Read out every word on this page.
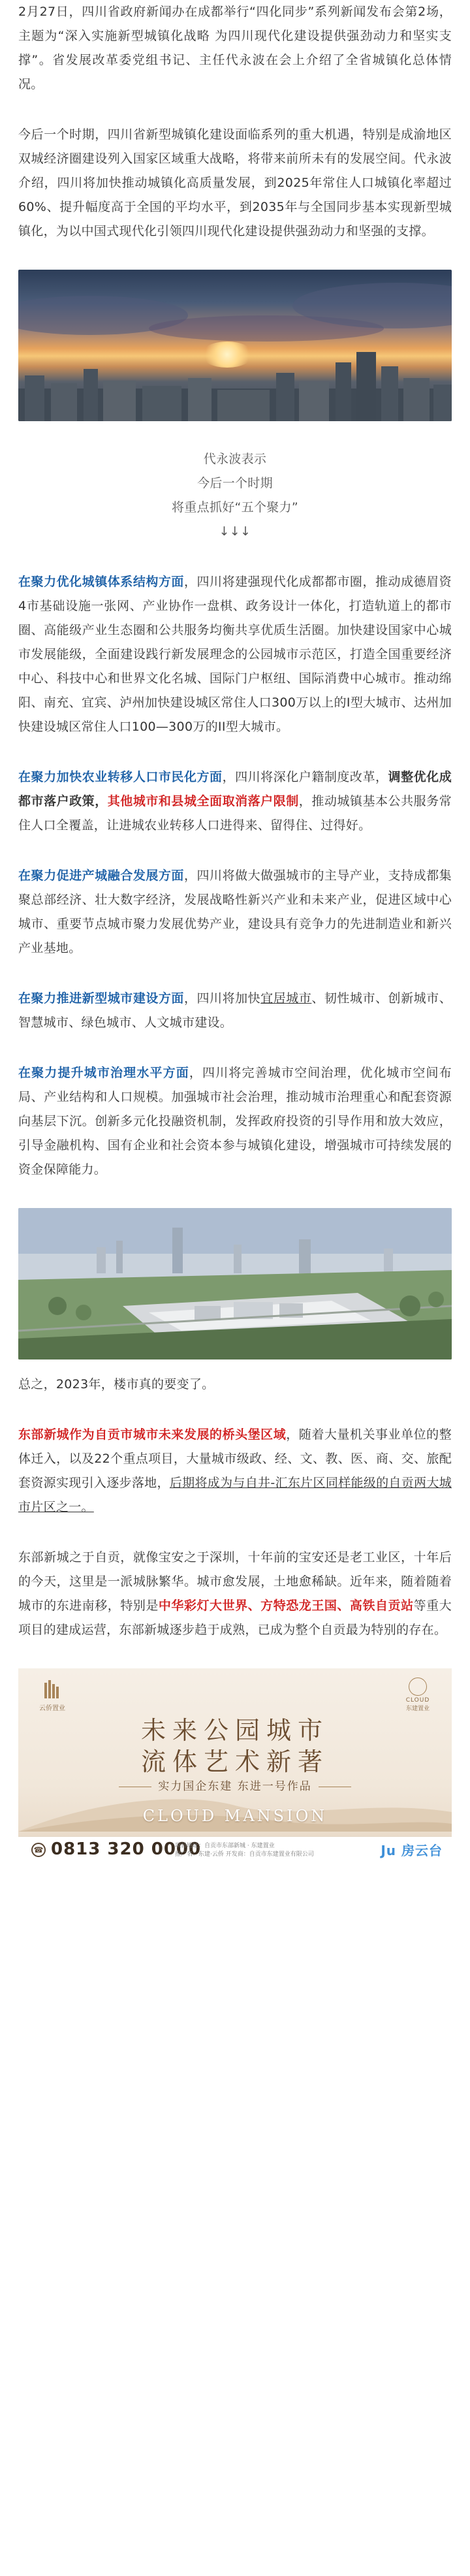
2月27日，四川省政府新闻办在成都举行“四化同步”系列新闻发布会第2场，主题为“深入实施新型城镇化战略 为四川现代化建设提供强劲动力和坚实支撑”。省发展改革委党组书记、主任代永波在会上介绍了全省城镇化总体情况。

今后一个时期，四川省新型城镇化建设面临系列的重大机遇，特别是成渝地区双城经济圈建设列入国家区域重大战略，将带来前所未有的发展空间。代永波介绍，四川将加快推动城镇化高质量发展，到2025年常住人口城镇化率超过60%、提升幅度高于全国的平均水平，到2035年与全国同步基本实现新型城镇化，为以中国式现代化引领四川现代化建设提供强劲动力和坚强的支撑。

代永波表示

今后一个时期

将重点抓好“五个聚力”

↓↓↓

在聚力优化城镇体系结构方面，四川将建强现代化成都都市圈，推动成德眉资4市基础设施一张网、产业协作一盘棋、政务设计一体化，打造轨道上的都市圈、高能级产业生态圈和公共服务均衡共享优质生活圈。加快建设国家中心城市发展能级，全面建设践行新发展理念的公园城市示范区，打造全国重要经济中心、科技中心和世界文化名城、国际门户枢纽、国际消费中心城市。推动绵阳、南充、宜宾、泸州加快建设城区常住人口300万以上的I型大城市、达州加快建设城区常住人口100—300万的II型大城市。

在聚力加快农业转移人口市民化方面，四川将深化户籍制度改革，调整优化成都市落户政策，其他城市和县城全面取消落户限制，推动城镇基本公共服务常住人口全覆盖，让进城农业转移人口进得来、留得住、过得好。

在聚力促进产城融合发展方面，四川将做大做强城市的主导产业，支持成都集聚总部经济、壮大数字经济，发展战略性新兴产业和未来产业，促进区域中心城市、重要节点城市聚力发展优势产业，建设具有竞争力的先进制造业和新兴产业基地。

在聚力推进新型城市建设方面，四川将加快宜居城市、韧性城市、创新城市、智慧城市、绿色城市、人文城市建设。

在聚力提升城市治理水平方面，四川将完善城市空间治理，优化城市空间布局、产业结构和人口规模。加强城市社会治理，推动城市治理重心和配套资源向基层下沉。创新多元化投融资机制，发挥政府投资的引导作用和放大效应，引导金融机构、国有企业和社会资本参与城镇化建设，增强城市可持续发展的资金保障能力。

总之，2023年，楼市真的要变了。

东部新城作为自贡市城市未来发展的桥头堡区域，随着大量机关事业单位的整体迁入，以及22个重点项目，大量城市级政、经、文、教、医、商、交、旅配套资源实现引入逐步落地，后期将成为与自井-汇东片区同样能级的自贡两大城市片区之一。

东部新城之于自贡，就像宝安之于深圳，十年前的宝安还是老工业区，十年后的今天，这里是一派城脉繁华。城市愈发展，土地愈稀缺。近年来，随着随着城市的东进南移，特别是中华彩灯大世界、方特恐龙王国、高铁自贡站等重大项目的建成运营，东部新城逐步趋于成熟，已成为整个自贡最为特别的存在。

云侨置业
CLOUD
东建置业
未来公园城市
流体艺术新著
实力国企东建 东进一号作品
CLOUD MANSION
☎ 0813 320 0000
项目地址：自贡市东部新城 · 东建置业
推广名：东建·云侨 开发商：自贡市东建置业有限公司	Ju 房云台
